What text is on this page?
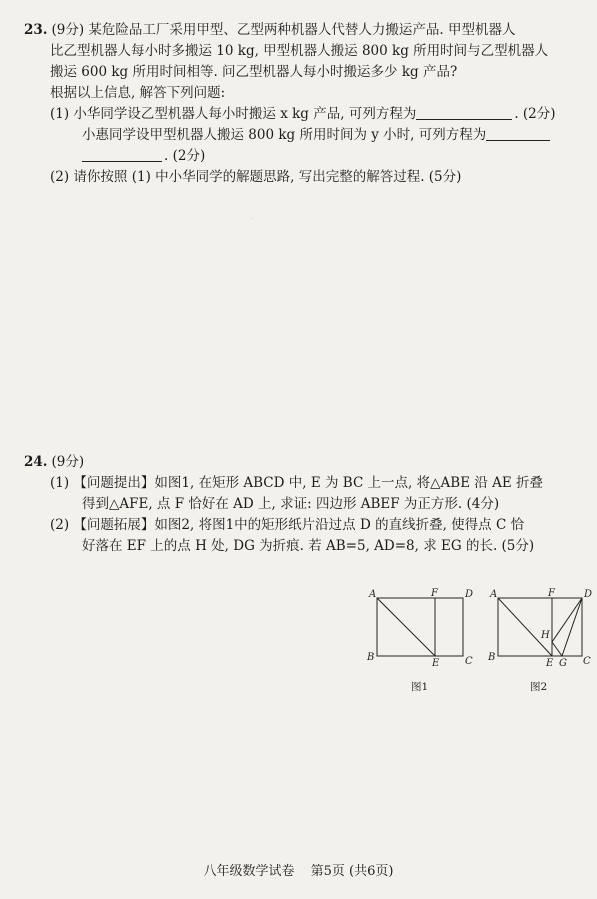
23. (9分) 某危险品工厂采用甲型、乙型两种机器人代替人力搬运产品. 甲型机器人
比乙型机器人每小时多搬运 10 kg, 甲型机器人搬运 800 kg 所用时间与乙型机器人
搬运 600 kg 所用时间相等. 问乙型机器人每小时搬运多少 kg 产品?
根据以上信息, 解答下列问题:
(1) 小华同学设乙型机器人每小时搬运 x kg 产品, 可列方程为	. (2分)
小惠同学设甲型机器人搬运 800 kg 所用时间为 y 小时, 可列方程为
. (2分)
(2) 请你按照 (1) 中小华同学的解题思路, 写出完整的解答过程. (5分)
·
24. (9分)
(1) 【问题提出】如图1, 在矩形 ABCD 中, E 为 BC 上一点, 将△ABE 沿 AE 折叠
得到△AFE, 点 F 恰好在 AD 上, 求证: 四边形 ABEF 为正方形. (4分)
(2) 【问题拓展】如图2, 将图1中的矩形纸片沿过点 D 的直线折叠, 使得点 C 恰
好落在 EF 上的点 H 处, DG 为折痕. 若 AB=5, AD=8, 求 EG 的长. (5分)
A	F	D
B
E	C
图1
A	F	D
H
B
E G C
图2
八年级数学试卷 第5页 (共6页)
